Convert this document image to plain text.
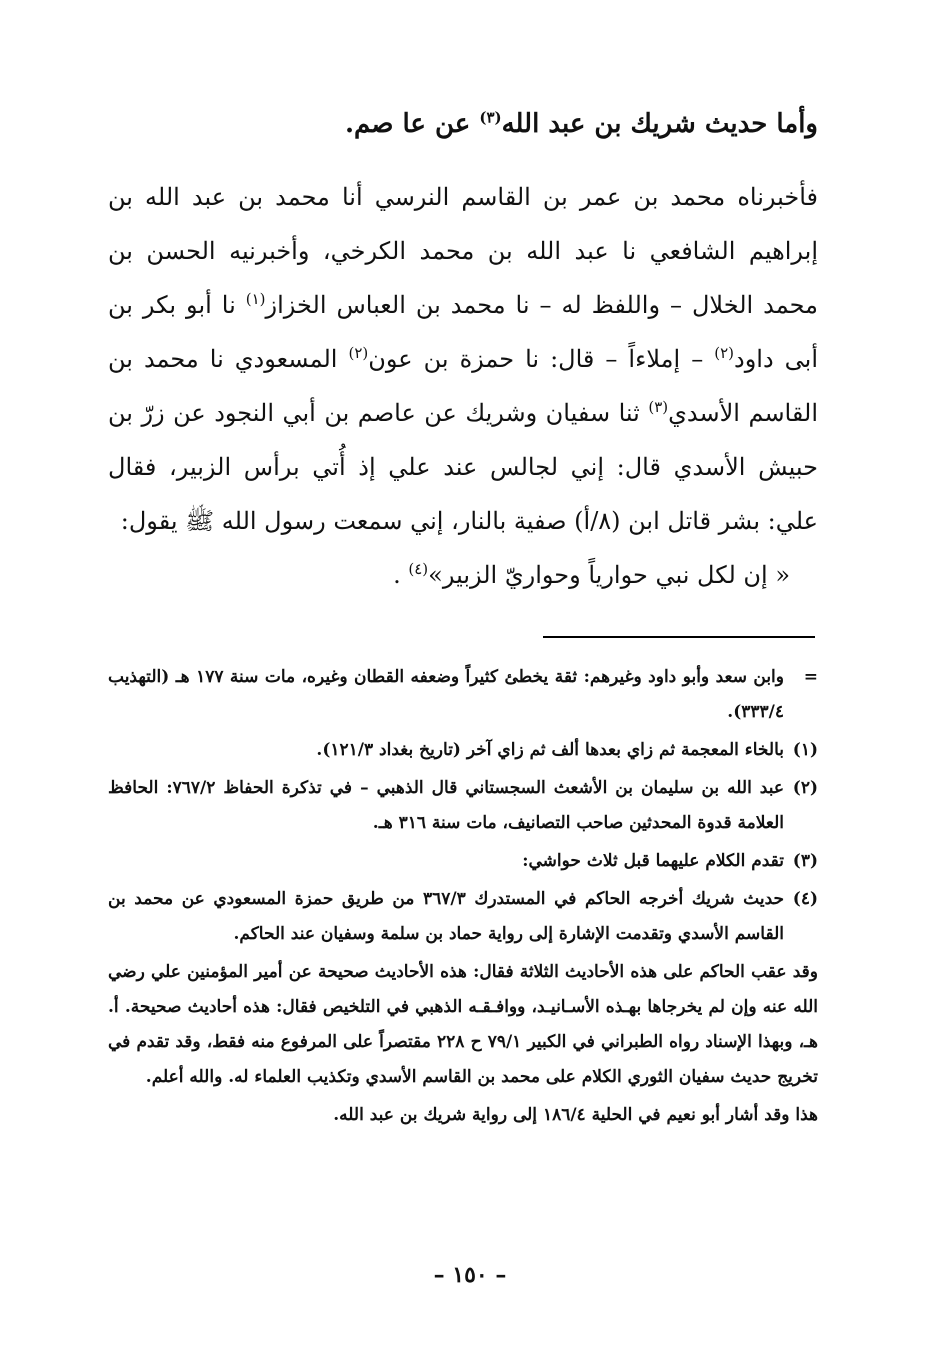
وأما حديث شريك بن عبد الله$^{(٣)}$ عن عا صم.

فأخبرناه محمد بن عمر بن القاسم النرسي أنا محمد بن عبد الله بن إبراهيم الشافعي نا عبد الله بن محمد الكرخي، وأخبرنيه الحسن بن محمد الخلال – واللفظ له – نا محمد بن العباس الخزاز$^{(١)}$ نا أبو بكر بن أبى داود$^{(٢)}$ – إملاءاً – قال: نا حمزة بن عون$^{(٢)}$ المسعودي نا محمد بن القاسم الأسدي$^{(٣)}$ ثنا سفيان وشريك عن عاصم بن أبي النجود عن زرّ بن حبيش الأسدي قال: إني لجالس عند علي إذ أُتي برأس الزبير، فقال علي: بشر قاتل ابن (٨/أ) صفية بالنار، إني سمعت رسول الله ﷺ يقول:

« إن لكل نبي حوارياً وحواريّ الزبير»$^{(٤)}$ .
=
وابن سعد وأبو داود وغيرهم: ثقة يخطئ كثيراً وضعفه القطان وغيره، مات سنة ١٧٧ هـ (التهذيب ٣٣٣/٤).
(١)
بالخاء المعجمة ثم زاي بعدها ألف ثم زاي آخر (تاريخ بغداد ١٢١/٣).
(٢)
عبد الله بن سليمان بن الأشعث السجستاني قال الذهبي – في تذكرة الحفاظ ٧٦٧/٢: الحافظ العلامة قدوة المحدثين صاحب التصانيف، مات سنة ٣١٦ هـ.
(٣)
تقدم الكلام عليهما قبل ثلاث حواشي:
(٤)
حديث شريك أخرجه الحاكم في المستدرك ٣٦٧/٣ من طريق حمزة المسعودي عن محمد بن القاسم الأسدي وتقدمت الإشارة إلى رواية حماد بن سلمة وسفيان عند الحاكم.
وقد عقب الحاكم على هذه الأحاديث الثلاثة فقال: هذه الأحاديث صحيحة عن أمير المؤمنين علي رضي الله عنه وإن لم يخرجاها بهـذه الأسـانيـد، ووافـقـه الذهبي في التلخيص فقال: هذه أحاديث صحيحة. أ. هـ، وبهذا الإسناد رواه الطبراني في الكبير ٧٩/١ ح ٢٢٨ مقتصراً على المرفوع منه فقط، وقد تقدم في تخريج حديث سفيان الثوري الكلام على محمد بن القاسم الأسدي وتكذيب العلماء له. والله أعلم.
هذا وقد أشار أبو نعيم في الحلية ١٨٦/٤ إلى رواية شريك بن عبد الله.
– ١٥٠ –
